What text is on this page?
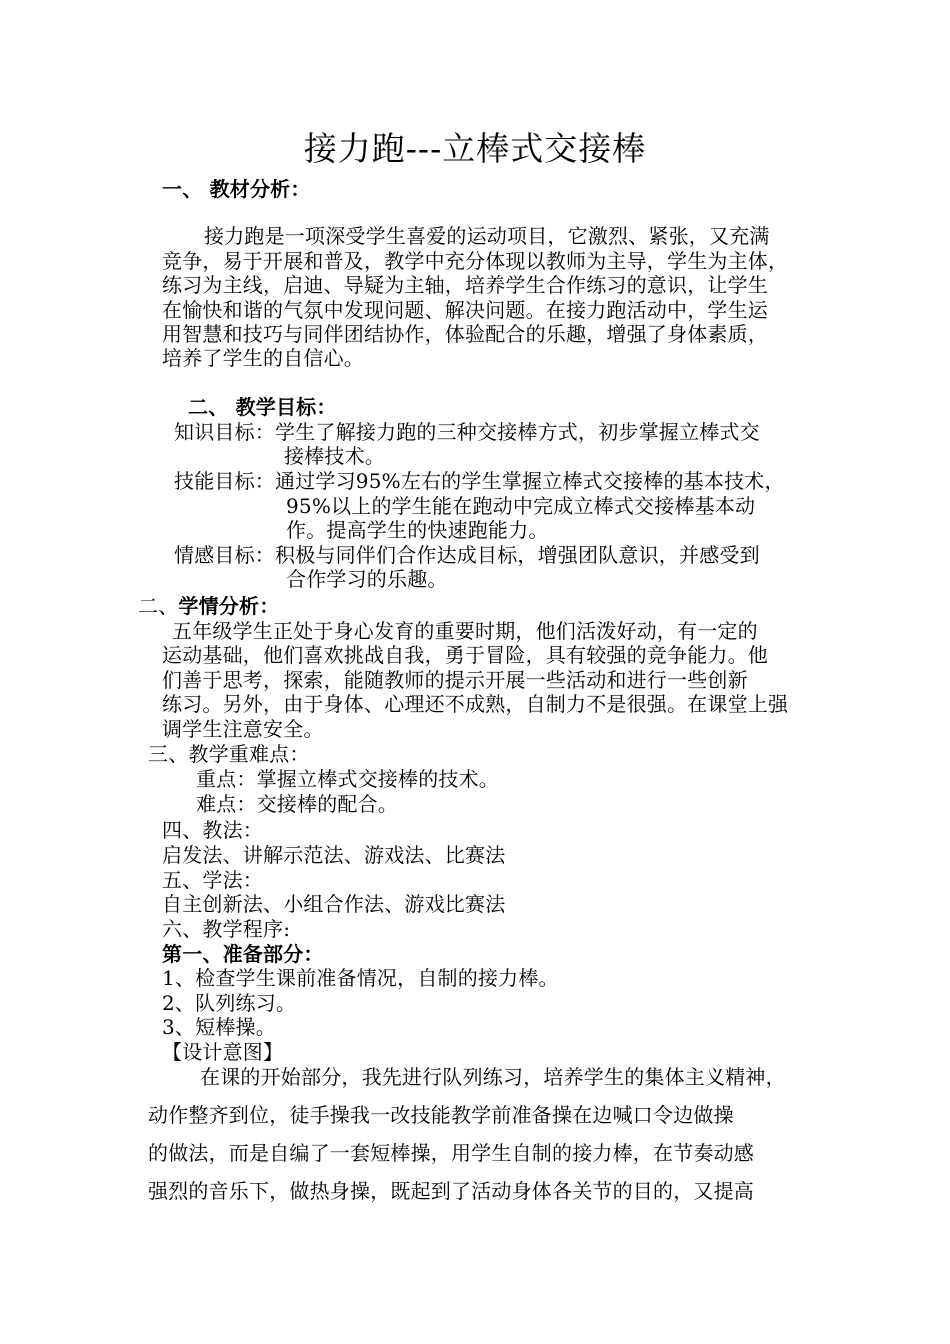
接力跑---立棒式交接棒
一、 教材分析：
接力跑是一项深受学生喜爱的运动项目，它激烈、紧张，又充满
竞争，易于开展和普及，教学中充分体现以教师为主导，学生为主体，
练习为主线，启迪、导疑为主轴，培养学生合作练习的意识，让学生
在愉快和谐的气氛中发现问题、解决问题。在接力跑活动中，学生运
用智慧和技巧与同伴团结协作，体验配合的乐趣，增强了身体素质，
培养了学生的自信心。
二、 教学目标：
知识目标：学生了解接力跑的三种交接棒方式，初步掌握立棒式交
接棒技术。
技能目标：通过学习95%左右的学生掌握立棒式交接棒的基本技术，
95%以上的学生能在跑动中完成立棒式交接棒基本动
作。提高学生的快速跑能力。
情感目标：积极与同伴们合作达成目标，增强团队意识，并感受到
合作学习的乐趣。
二、学情分析：
五年级学生正处于身心发育的重要时期，他们活泼好动，有一定的
运动基础，他们喜欢挑战自我，勇于冒险，具有较强的竞争能力。他
们善于思考，探索，能随教师的提示开展一些活动和进行一些创新
练习。另外，由于身体、心理还不成熟，自制力不是很强。在课堂上强
调学生注意安全。
三、教学重难点：
重点：掌握立棒式交接棒的技术。
难点：交接棒的配合。
四、教法：
启发法、讲解示范法、游戏法、比赛法
五、学法：
自主创新法、小组合作法、游戏比赛法
六、教学程序:
第一、准备部分：
1、检查学生课前准备情况，自制的接力棒。
2、队列练习。
3、短棒操。
【设计意图】
在课的开始部分，我先进行队列练习，培养学生的集体主义精神，
动作整齐到位，徒手操我一改技能教学前准备操在边喊口令边做操
的做法，而是自编了一套短棒操，用学生自制的接力棒，在节奏动感
强烈的音乐下，做热身操，既起到了活动身体各关节的目的，又提高
